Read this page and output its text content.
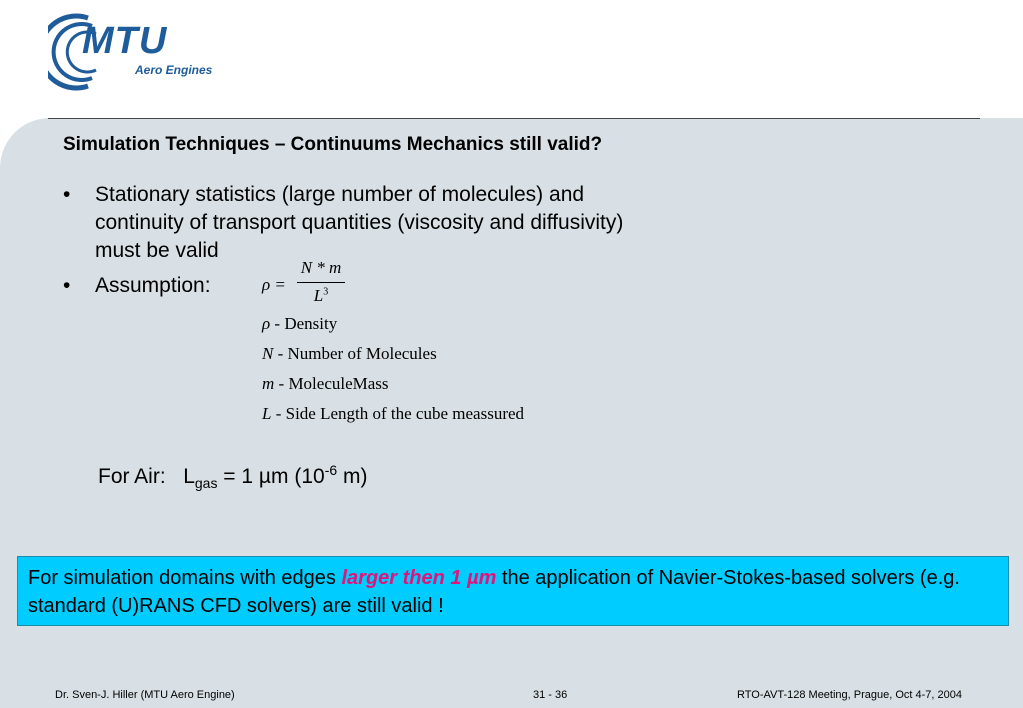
MTU
Aero Engines
Simulation Techniques – Continuums Mechanics still valid?
• Stationary statistics (large number of molecules) and
continuity of transport quantities (viscosity and diffusivity)
must be valid
• Assumption:	ρ =
N * m
$L^3$
ρ - Density
N - Number of Molecules
m - MoleculeMass
L - Side Length of the cube meassured
For Air: $L_{gas} = 1$ µm ($10^{-6}$ m)
For simulation domains with edges larger then 1 µm the application of Navier-Stokes-based solvers (e.g. standard (U)RANS CFD solvers) are still valid !
Dr. Sven-J. Hiller (MTU Aero Engine)	31 - 36	RTO-AVT-128 Meeting, Prague, Oct 4-7, 2004
